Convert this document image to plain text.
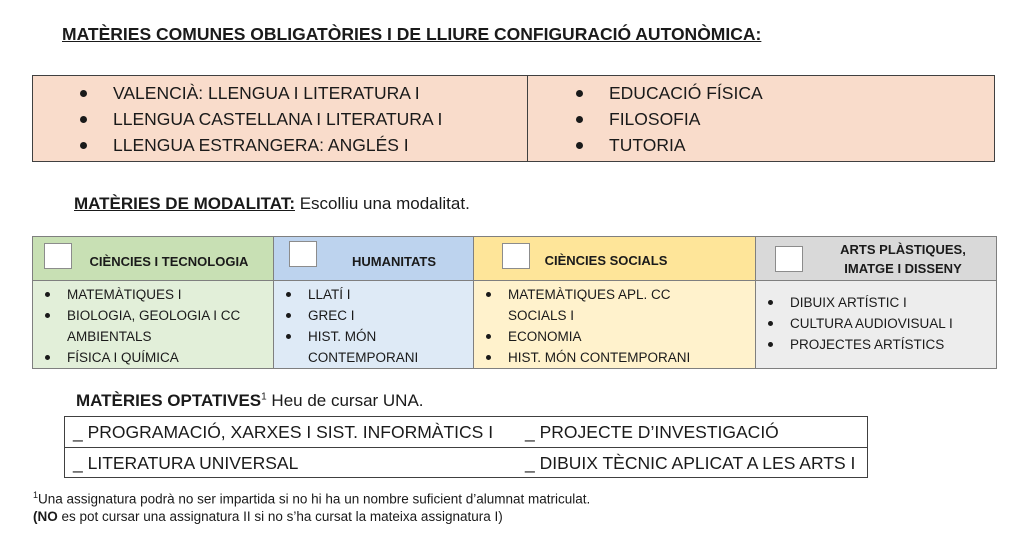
MATÈRIES COMUNES OBLIGATÒRIES I DE LLIURE CONFIGURACIÓ AUTONÒMICA:
VALENCIÀ: LLENGUA I LITERATURA I
LLENGUA CASTELLANA I LITERATURA I
LLENGUA ESTRANGERA: ANGLÉS I
EDUCACIÓ FÍSICA
FILOSOFIA
TUTORIA
MATÈRIES DE MODALITAT: Escolliu una modalitat.
CIÈNCIES I TECNOLOGIA
MATEMÀTIQUES I
BIOLOGIA, GEOLOGIA I CC AMBIENTALS
FÍSICA I QUÍMICA
HUMANITATS
LLATÍ I
GREC I
HIST. MÓN CONTEMPORANI
CIÈNCIES SOCIALS
MATEMÀTIQUES APL. CC SOCIALS I
ECONOMIA
HIST. MÓN CONTEMPORANI
ARTS PLÀSTIQUES,
IMATGE I DISSENY
DIBUIX ARTÍSTIC I
CULTURA AUDIOVISUAL I
PROJECTES ARTÍSTICS
MATÈRIES OPTATIVES$^1$ Heu de cursar UNA.
_ PROGRAMACIÓ, XARXES I SIST. INFORMÀTICS I _ PROJECTE D’INVESTIGACIÓ
_ LITERATURA UNIVERSAL	_ DIBUIX TÈCNIC APLICAT A LES ARTS I
$^1$Una assignatura podrà no ser impartida si no hi ha un nombre suficient d’alumnat matriculat.
(NO es pot cursar una assignatura II si no s’ha cursat la mateixa assignatura I)
